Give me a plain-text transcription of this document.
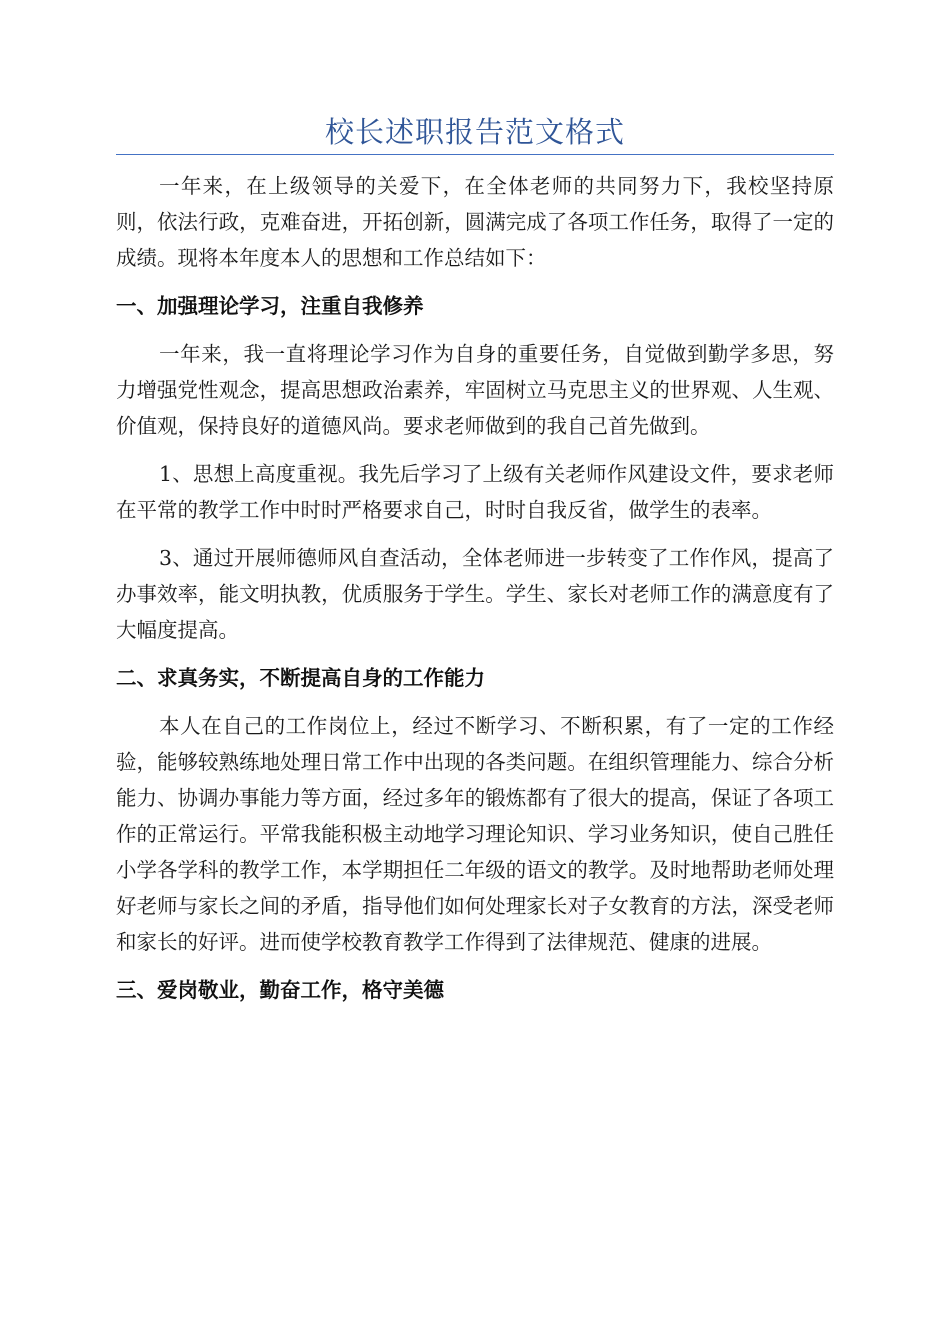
校长述职报告范文格式

一年来，在上级领导的关爱下，在全体老师的共同努力下，我校坚持原则，依法行政，克难奋进，开拓创新，圆满完成了各项工作任务，取得了一定的成绩。现将本年度本人的思想和工作总结如下：

一、加强理论学习，注重自我修养

一年来，我一直将理论学习作为自身的重要任务，自觉做到勤学多思，努力增强党性观念，提高思想政治素养，牢固树立马克思主义的世界观、人生观、价值观，保持良好的道德风尚。要求老师做到的我自己首先做到。

1、思想上高度重视。我先后学习了上级有关老师作风建设文件，要求老师在平常的教学工作中时时严格要求自己，时时自我反省，做学生的表率。

3、通过开展师德师风自查活动，全体老师进一步转变了工作作风，提高了办事效率，能文明执教，优质服务于学生。学生、家长对老师工作的满意度有了大幅度提高。

二、求真务实，不断提高自身的工作能力

本人在自己的工作岗位上，经过不断学习、不断积累，有了一定的工作经验，能够较熟练地处理日常工作中出现的各类问题。在组织管理能力、综合分析能力、协调办事能力等方面，经过多年的锻炼都有了很大的提高，保证了各项工作的正常运行。平常我能积极主动地学习理论知识、学习业务知识，使自己胜任小学各学科的教学工作，本学期担任二年级的语文的教学。及时地帮助老师处理好老师与家长之间的矛盾，指导他们如何处理家长对子女教育的方法，深受老师和家长的好评。进而使学校教育教学工作得到了法律规范、健康的进展。

三、爱岗敬业，勤奋工作，格守美德
